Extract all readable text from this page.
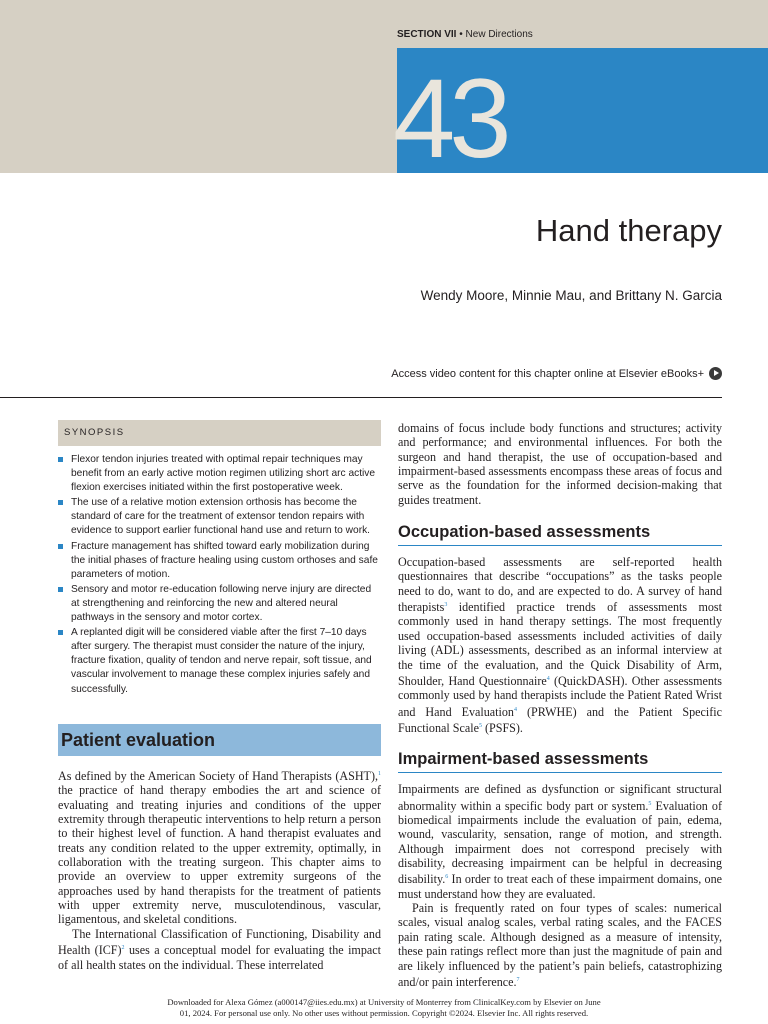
SECTION VII • New Directions
43
Hand therapy
Wendy Moore, Minnie Mau, and Brittany N. Garcia
Access video content for this chapter online at Elsevier eBooks+
SYNOPSIS
Flexor tendon injuries treated with optimal repair techniques may benefit from an early active motion regimen utilizing short arc active flexion exercises initiated within the first postoperative week.
The use of a relative motion extension orthosis has become the standard of care for the treatment of extensor tendon repairs with evidence to support earlier functional hand use and return to work.
Fracture management has shifted toward early mobilization during the initial phases of fracture healing using custom orthoses and safe parameters of motion.
Sensory and motor re-education following nerve injury are directed at strengthening and reinforcing the new and altered neural pathways in the sensory and motor cortex.
A replanted digit will be considered viable after the first 7–10 days after surgery. The therapist must consider the nature of the injury, fracture fixation, quality of tendon and nerve repair, soft tissue, and vascular involvement to manage these complex injuries safely and successfully.
Patient evaluation

As defined by the American Society of Hand Therapists (ASHT),$^1$ the practice of hand therapy embodies the art and science of evaluating and treating injuries and conditions of the upper extremity through therapeutic interventions to help return a person to their highest level of function. A hand therapist evaluates and treats any condition related to the upper extremity, optimally, in collaboration with the treating surgeon. This chapter aims to provide an overview to upper extremity surgeons of the approaches used by hand therapists for the treatment of patients with upper extremity nerve, musculotendinous, vascular, ligamentous, and skeletal conditions.

The International Classification of Functioning, Disability and Health (ICF)$^2$ uses a conceptual model for evaluating the impact of all health states on the individual. These interrelated

domains of focus include body functions and structures; activity and performance; and environmental influences. For both the surgeon and hand therapist, the use of occupation-based and impairment-based assessments encompass these areas of focus and serve as the foundation for the informed decision-making that guides treatment.

Occupation-based assessments

Occupation-based assessments are self-reported health questionnaires that describe “occupations” as the tasks people need to do, want to do, and are expected to do. A survey of hand therapists$^3$ identified practice trends of assessments most commonly used in hand therapy settings. The most frequently used occupation-based assessments included activities of daily living (ADL) assessments, described as an informal interview at the time of the evaluation, and the Quick Disability of Arm, Shoulder, Hand Questionnaire$^4$ (QuickDASH). Other assessments commonly used by hand therapists include the Patient Rated Wrist and Hand Evaluation$^4$ (PRWHE) and the Patient Specific Functional Scale$^5$ (PSFS).

Impairment-based assessments

Impairments are defined as dysfunction or significant structural abnormality within a specific body part or system.$^5$ Evaluation of biomedical impairments include the evaluation of pain, edema, wound, vascularity, sensation, range of motion, and strength. Although impairment does not correspond precisely with disability, decreasing impairment can be helpful in decreasing disability.$^6$ In order to treat each of these impairment domains, one must understand how they are evaluated.

Pain is frequently rated on four types of scales: numerical scales, visual analog scales, verbal rating scales, and the FACES pain rating scale. Although designed as a measure of intensity, these pain ratings reflect more than just the magnitude of pain and are likely influenced by the patient’s pain beliefs, catastrophizing and/or pain interference.$^7$

Downloaded for Alexa Gómez (a000147@iies.edu.mx) at University of Monterrey from ClinicalKey.com by Elsevier on June
01, 2024. For personal use only. No other uses without permission. Copyright ©2024. Elsevier Inc. All rights reserved.
